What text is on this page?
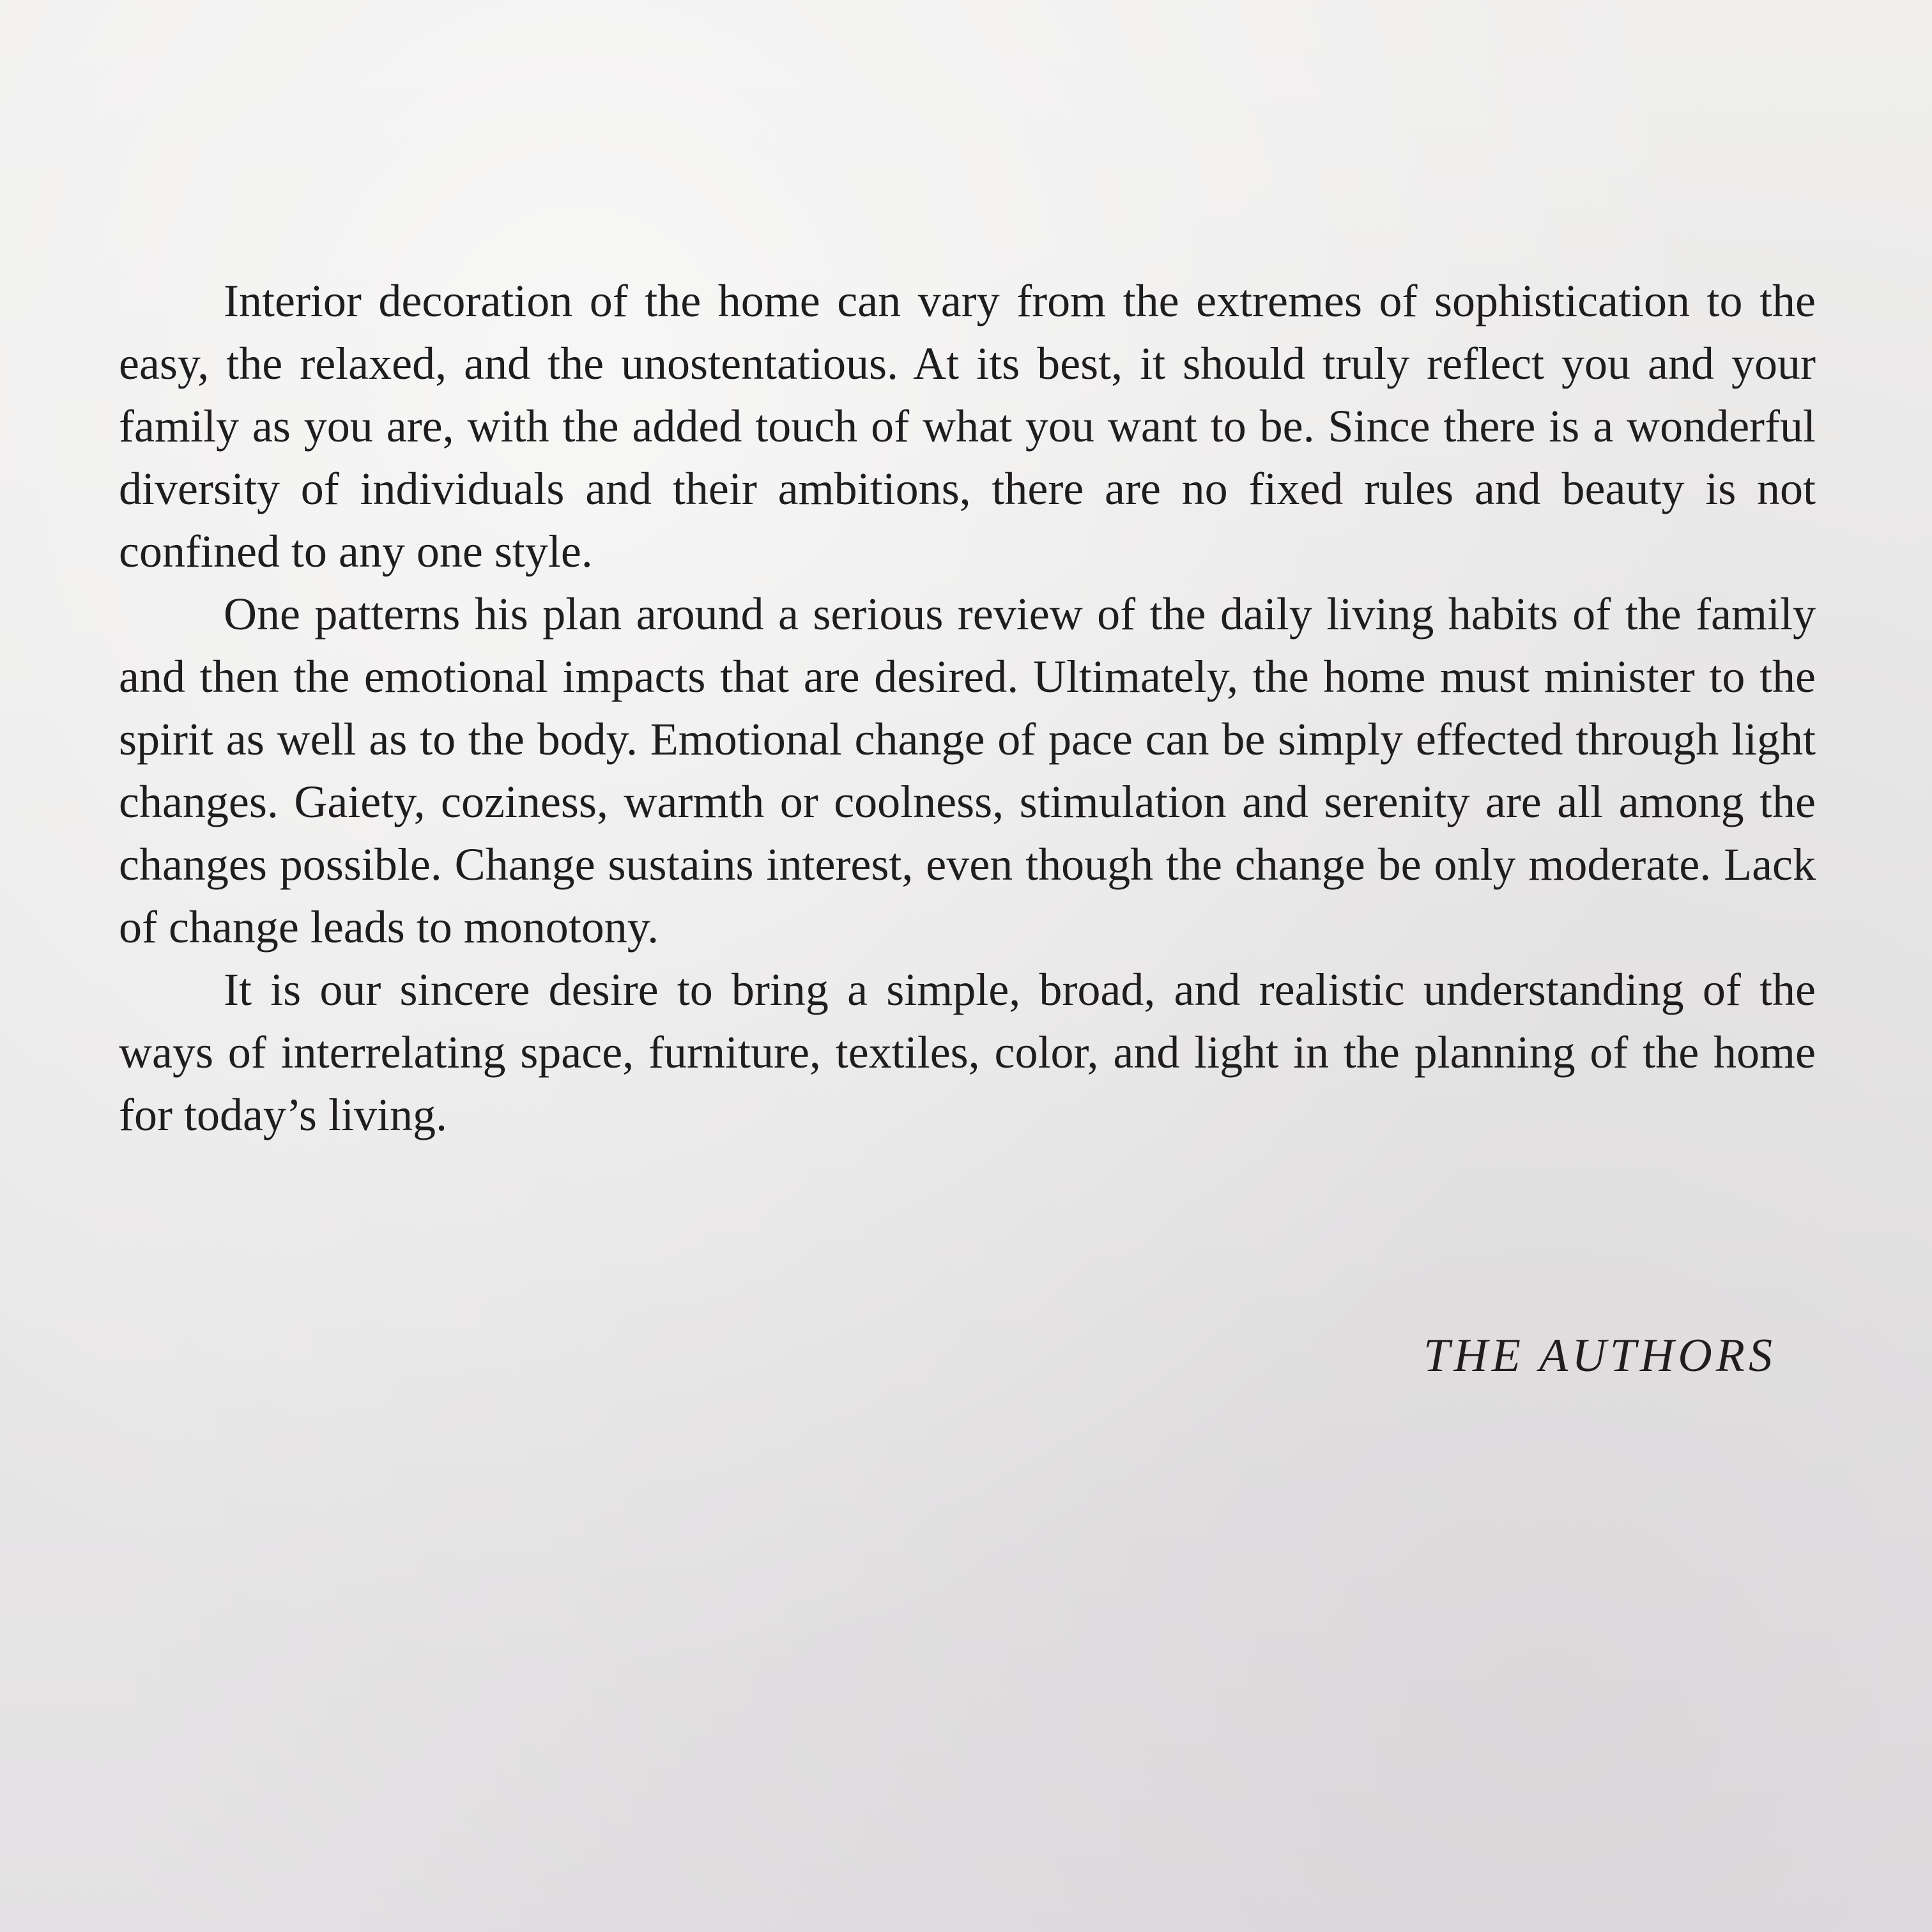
Interior decoration of the home can vary from the extremes of sophistication to the easy, the relaxed, and the unostentatious. At its best, it should truly reflect you and your family as you are, with the added touch of what you want to be. Since there is a wonderful diversity of individuals and their ambitions, there are no fixed rules and beauty is not confined to any one style.

One patterns his plan around a serious review of the daily living habits of the family and then the emotional impacts that are desired. Ultimately, the home must minister to the spirit as well as to the body. Emotional change of pace can be simply effected through light changes. Gaiety, coziness, warmth or coolness, stimulation and serenity are all among the changes possible. Change sustains interest, even though the change be only moderate. Lack of change leads to monotony.

It is our sincere desire to bring a simple, broad, and realistic understanding of the ways of interrelating space, furniture, textiles, color, and light in the planning of the home for today’s living.

THE AUTHORS
